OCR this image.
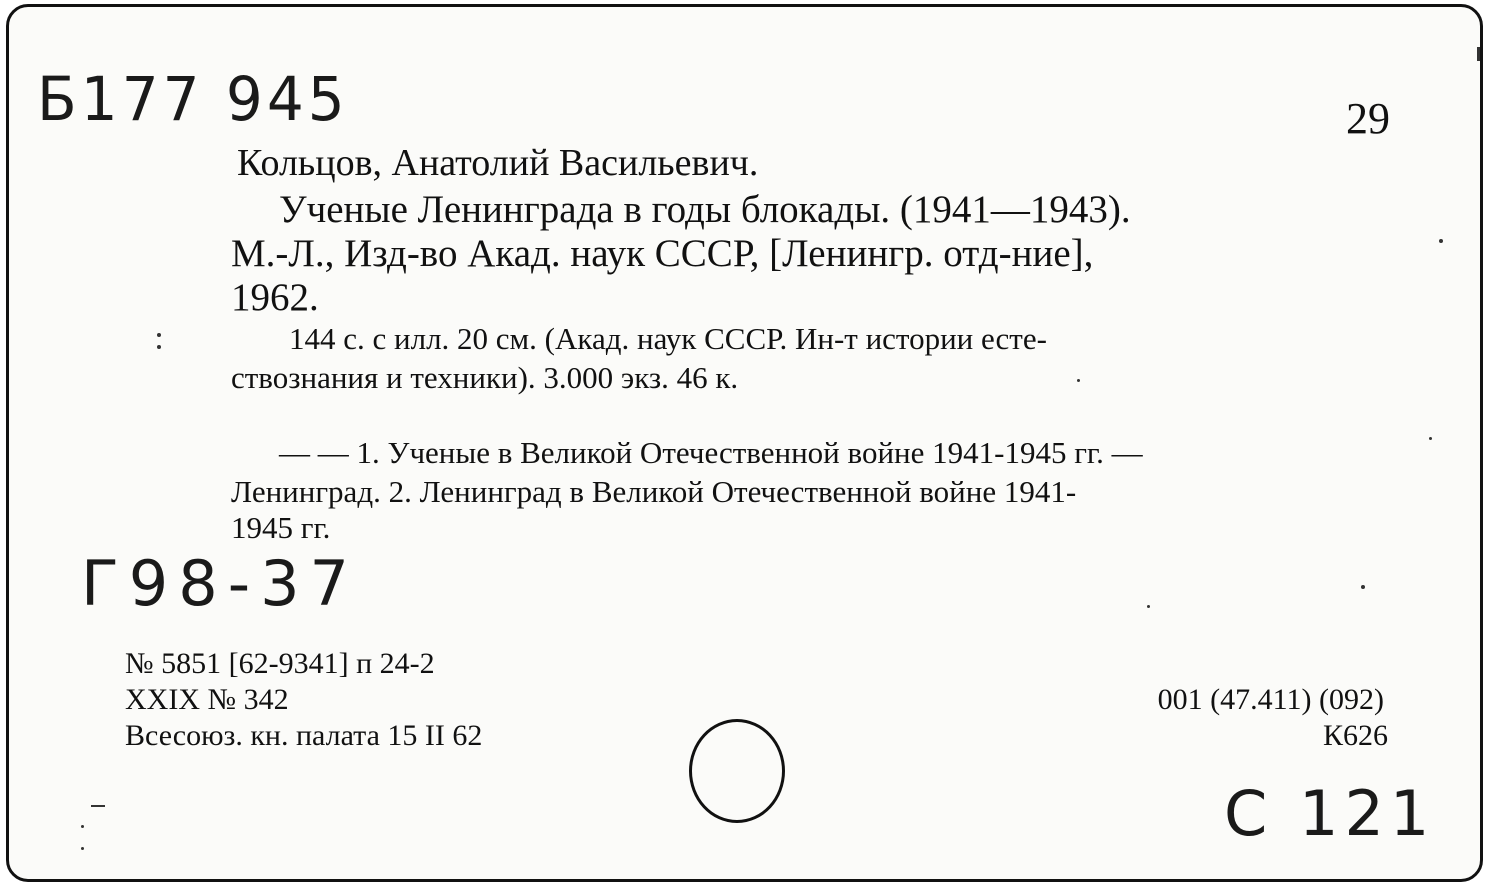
Б177 945	29
Кольцов, Анатолий Васильевич.
Ученые Ленинграда в годы блокады. (1941—1943).
М.-Л., Изд-во Акад. наук СССР, [Ленингр. отд-ние],
1962.
144 с. с илл. 20 см. (Акад. наук СССР. Ин-т истории есте-
ствознания и техники). 3.000 экз. 46 к.
— — 1. Ученые в Великой Отечественной войне 1941-1945 гг. —
Ленинград. 2. Ленинград в Великой Отечественной войне 1941-
1945 гг.
Г98-37
№ 5851 [62-9341] п 24-2
XXIX № 342
Всесоюз. кн. палата 15 II 62
001 (47.411) (092)
К626
С 121
